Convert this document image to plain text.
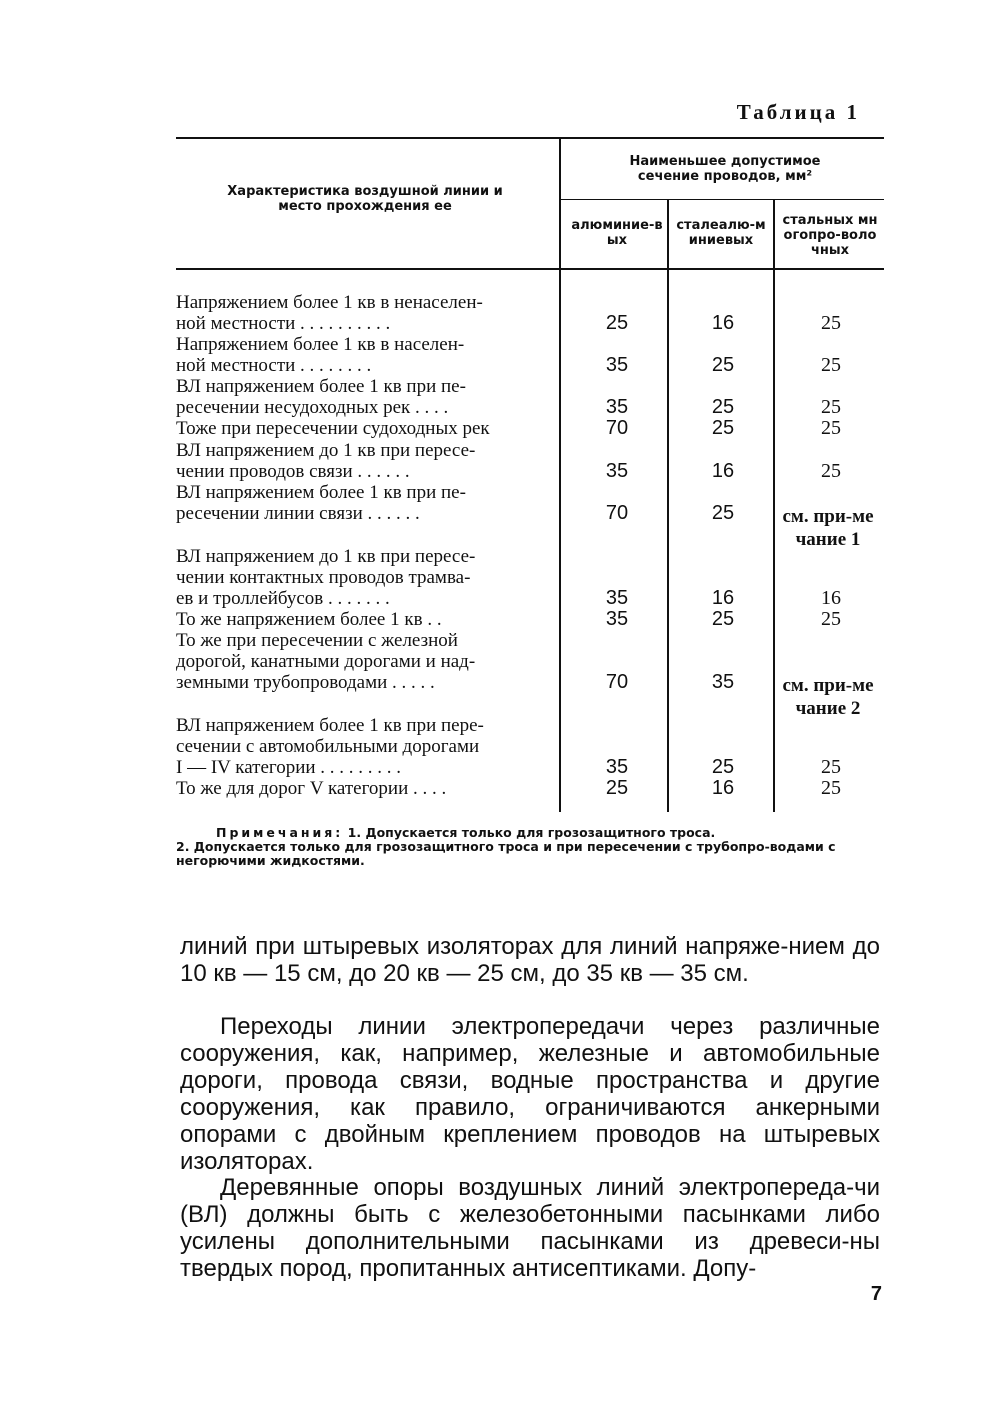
Таблица 1
Характеристика воздушной линии и место прохождения ее
Наименьшее допустимое сечение проводов, мм²
алюминие-вых
сталеалю-миниевых
стальных многопро-волочных
Напряжением более 1 кв в ненаселен-
ной местности . . . . . . . . . .	25	16	25
Напряжением более 1 кв в населен-
ной местности . . . . . . . .	35	25	25
ВЛ напряжением более 1 кв при пе-
ресечении несудоходных рек . . . .	35	25	25
Тоже при пересечении судоходных рек	70	25	25
ВЛ напряжением до 1 кв при пересе-
чении проводов связи . . . . . .	35	16	25
ВЛ напряжением более 1 кв при пе-
ресечении линии связи . . . . . .	70	25	см. при-мечание 1
ВЛ напряжением до 1 кв при пересе-
чении контактных проводов трамва-
ев и троллейбусов . . . . . . .	35	16	16
То же напряжением более 1 кв . .	35	25	25
То же при пересечении с железной
дорогой, канатными дорогами и над-
земными трубопроводами . . . . .	70	35	см. при-мечание 2
ВЛ напряжением более 1 кв при пере-
сечении с автомобильными дорогами
I — IV категории . . . . . . . . .	35	25	25
То же для дорог V категории . . . .	25	16	25
Примечания: 1. Допускается только для грозозащитного троса.
2. Допускается только для грозозащитного троса и при пересечении с трубопро-водами с негорючими жидкостями.
линий при штыревых изоляторах для линий напряже-нием до 10 кв — 15 см, до 20 кв — 25 см, до 35 кв — 35 см.
Переходы линии электропередачи через различные сооружения, как, например, железные и автомобильные дороги, провода связи, водные пространства и другие сооружения, как правило, ограничиваются анкерными опорами с двойным креплением проводов на штыревых изоляторах.
Деревянные опоры воздушных линий электропереда-чи (ВЛ) должны быть с железобетонными пасынками либо усилены дополнительными пасынками из древеси-ны твердых пород, пропитанных антисептиками. Допу-
7
